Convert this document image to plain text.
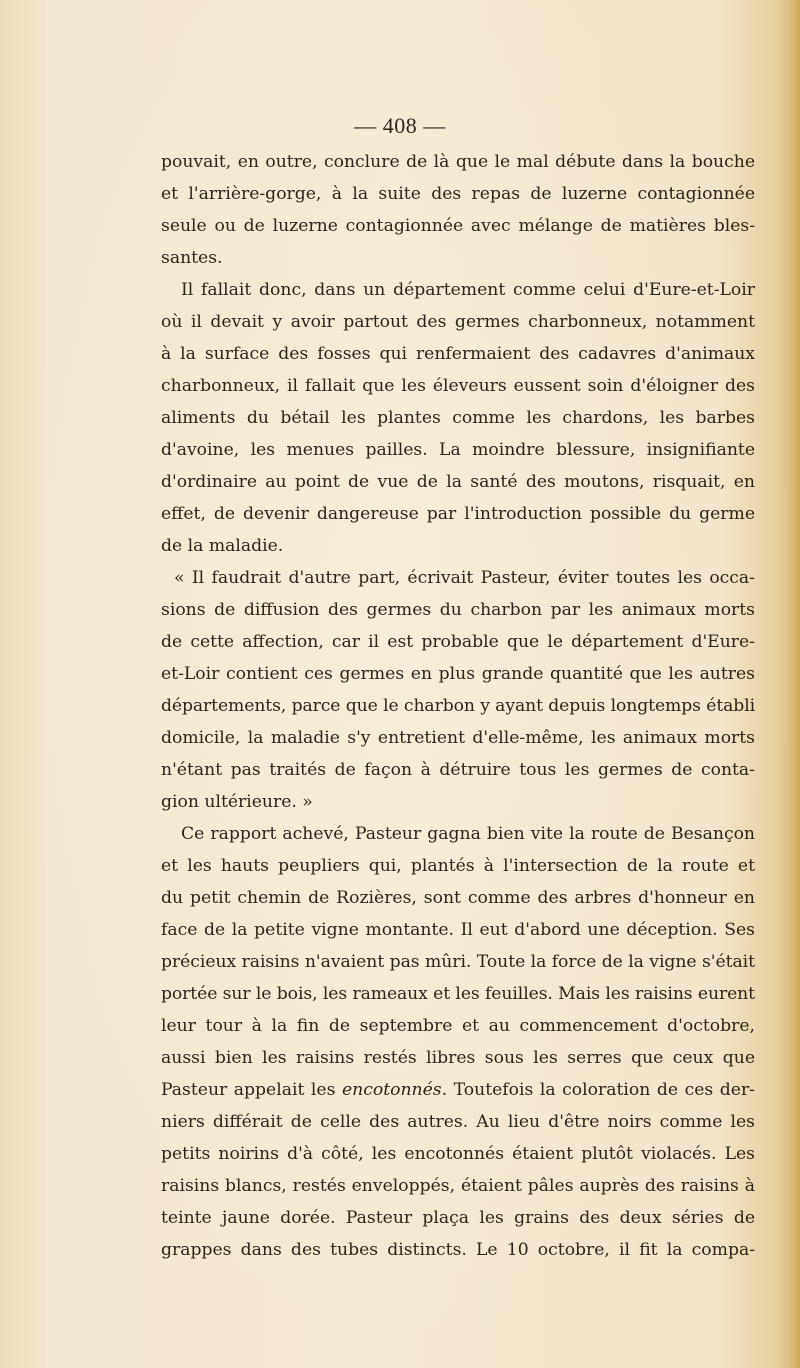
— 408 —
pouvait, en outre, conclure de là que le mal débute dans la bouche
et l'arrière-gorge, à la suite des repas de luzerne contagionnée
seule ou de luzerne contagionnée avec mélange de matières bles-
santes.
Il fallait donc, dans un département comme celui d'Eure-et-Loir
où il devait y avoir partout des germes charbonneux, notamment
à la surface des fosses qui renfermaient des cadavres d'animaux
charbonneux, il fallait que les éleveurs eussent soin d'éloigner des
aliments du bétail les plantes comme les chardons, les barbes
d'avoine, les menues pailles. La moindre blessure, insignifiante
d'ordinaire au point de vue de la santé des moutons, risquait, en
effet, de devenir dangereuse par l'introduction possible du germe
de la maladie.
« Il faudrait d'autre part, écrivait Pasteur, éviter toutes les occa-
sions de diffusion des germes du charbon par les animaux morts
de cette affection, car il est probable que le département d'Eure-
et-Loir contient ces germes en plus grande quantité que les autres
départements, parce que le charbon y ayant depuis longtemps établi
domicile, la maladie s'y entretient d'elle-même, les animaux morts
n'étant pas traités de façon à détruire tous les germes de conta-
gion ultérieure. »
Ce rapport achevé, Pasteur gagna bien vite la route de Besançon
et les hauts peupliers qui, plantés à l'intersection de la route et
du petit chemin de Rozières, sont comme des arbres d'honneur en
face de la petite vigne montante. Il eut d'abord une déception. Ses
précieux raisins n'avaient pas mûri. Toute la force de la vigne s'était
portée sur le bois, les rameaux et les feuilles. Mais les raisins eurent
leur tour à la fin de septembre et au commencement d'octobre,
aussi bien les raisins restés libres sous les serres que ceux que
Pasteur appelait les encotonnés. Toutefois la coloration de ces der-
niers différait de celle des autres. Au lieu d'être noirs comme les
petits noirins d'à côté, les encotonnés étaient plutôt violacés. Les
raisins blancs, restés enveloppés, étaient pâles auprès des raisins à
teinte jaune dorée. Pasteur plaça les grains des deux séries de
grappes dans des tubes distincts. Le 10 octobre, il fit la compa-
